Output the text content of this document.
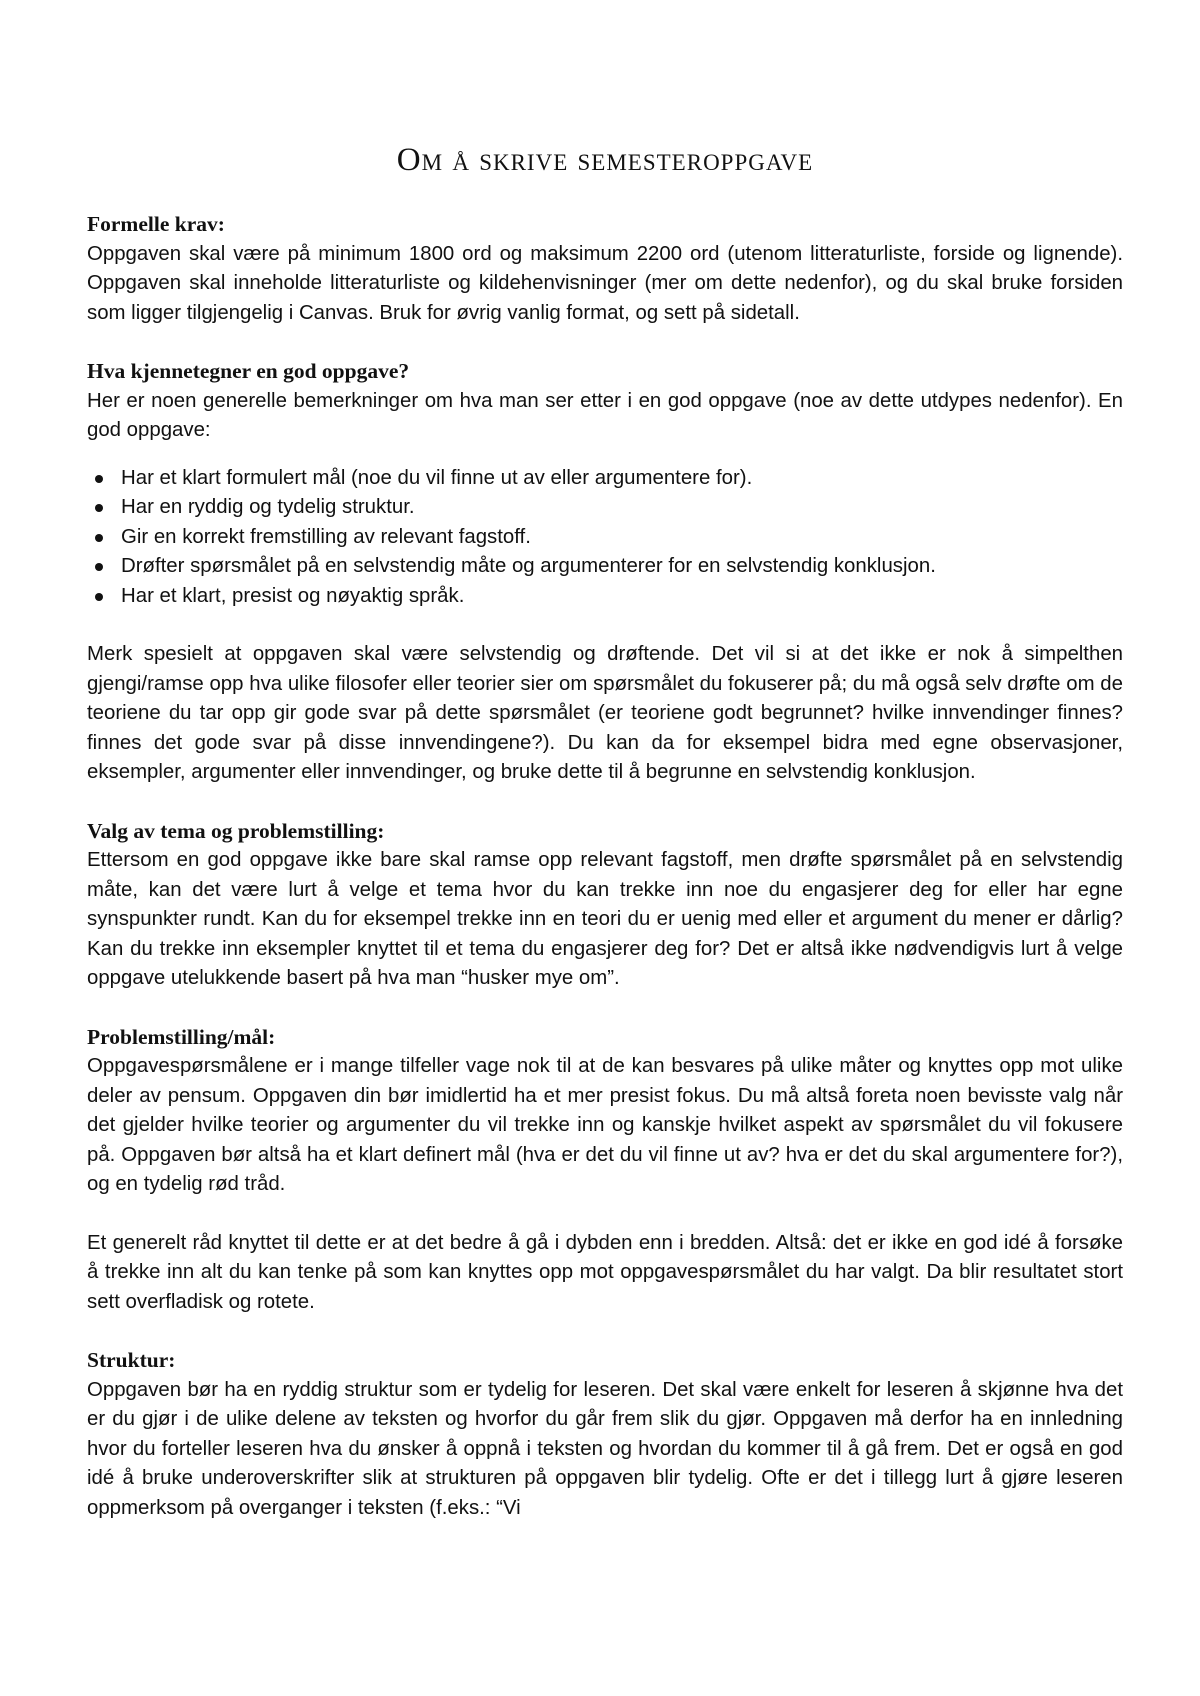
Om å skrive semesteroppgave
Formelle krav:

Oppgaven skal være på minimum 1800 ord og maksimum 2200 ord (utenom litteraturliste, forside og lignende). Oppgaven skal inneholde litteraturliste og kildehenvisninger (mer om dette nedenfor), og du skal bruke forsiden som ligger tilgjengelig i Canvas. Bruk for øvrig vanlig format, og sett på sidetall.

Hva kjennetegner en god oppgave?

Her er noen generelle bemerkninger om hva man ser etter i en god oppgave (noe av dette utdypes nedenfor). En god oppgave:

Har et klart formulert mål (noe du vil finne ut av eller argumentere for).
Har en ryddig og tydelig struktur.
Gir en korrekt fremstilling av relevant fagstoff.
Drøfter spørsmålet på en selvstendig måte og argumenterer for en selvstendig konklusjon.
Har et klart, presist og nøyaktig språk.

Merk spesielt at oppgaven skal være selvstendig og drøftende. Det vil si at det ikke er nok å simpelthen gjengi/ramse opp hva ulike filosofer eller teorier sier om spørsmålet du fokuserer på; du må også selv drøfte om de teoriene du tar opp gir gode svar på dette spørsmålet (er teoriene godt begrunnet? hvilke innvendinger finnes? finnes det gode svar på disse innvendingene?). Du kan da for eksempel bidra med egne observasjoner, eksempler, argumenter eller innvendinger, og bruke dette til å begrunne en selvstendig konklusjon.

Valg av tema og problemstilling:

Ettersom en god oppgave ikke bare skal ramse opp relevant fagstoff, men drøfte spørsmålet på en selvstendig måte, kan det være lurt å velge et tema hvor du kan trekke inn noe du engasjerer deg for eller har egne synspunkter rundt. Kan du for eksempel trekke inn en teori du er uenig med eller et argument du mener er dårlig? Kan du trekke inn eksempler knyttet til et tema du engasjerer deg for? Det er altså ikke nødvendigvis lurt å velge oppgave utelukkende basert på hva man “husker mye om”.

Problemstilling/mål:

Oppgavespørsmålene er i mange tilfeller vage nok til at de kan besvares på ulike måter og knyttes opp mot ulike deler av pensum. Oppgaven din bør imidlertid ha et mer presist fokus. Du må altså foreta noen bevisste valg når det gjelder hvilke teorier og argumenter du vil trekke inn og kanskje hvilket aspekt av spørsmålet du vil fokusere på. Oppgaven bør altså ha et klart definert mål (hva er det du vil finne ut av? hva er det du skal argumentere for?), og en tydelig rød tråd.

Et generelt råd knyttet til dette er at det bedre å gå i dybden enn i bredden. Altså: det er ikke en god idé å forsøke å trekke inn alt du kan tenke på som kan knyttes opp mot oppgavespørsmålet du har valgt. Da blir resultatet stort sett overfladisk og rotete.

Struktur:

Oppgaven bør ha en ryddig struktur som er tydelig for leseren. Det skal være enkelt for leseren å skjønne hva det er du gjør i de ulike delene av teksten og hvorfor du går frem slik du gjør. Oppgaven må derfor ha en innledning hvor du forteller leseren hva du ønsker å oppnå i teksten og hvordan du kommer til å gå frem. Det er også en god idé å bruke underoverskrifter slik at strukturen på oppgaven blir tydelig. Ofte er det i tillegg lurt å gjøre leseren oppmerksom på overganger i teksten (f.eks.: “Vi
